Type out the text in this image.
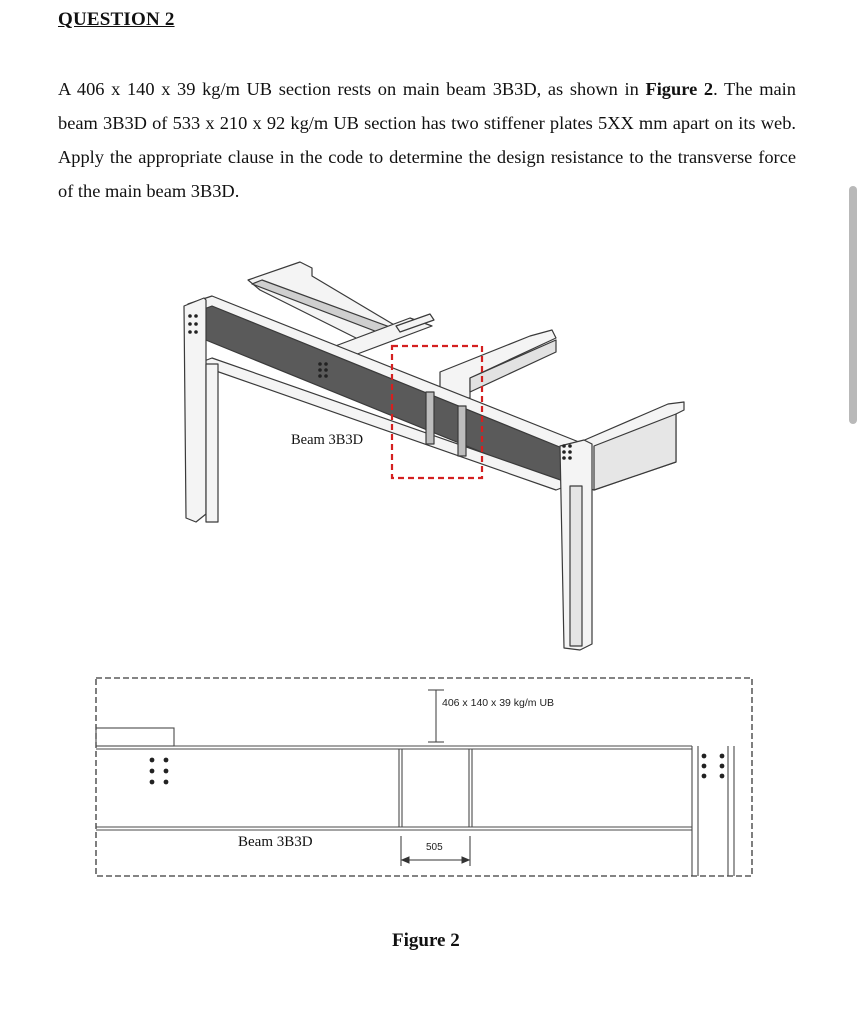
QUESTION 2

A 406 x 140 x 39 kg/m UB section rests on main beam 3B3D, as shown in Figure 2. The main beam 3B3D of 533 x 210 x 92 kg/m UB section has two stiffener plates 5XX mm apart on its web. Apply the appropriate clause in the code to determine the design resistance to the transverse force of the main beam 3B3D.

Beam 3B3D
505
406 x 140 x 39 kg/m UB
Beam 3B3D

Figure 2
